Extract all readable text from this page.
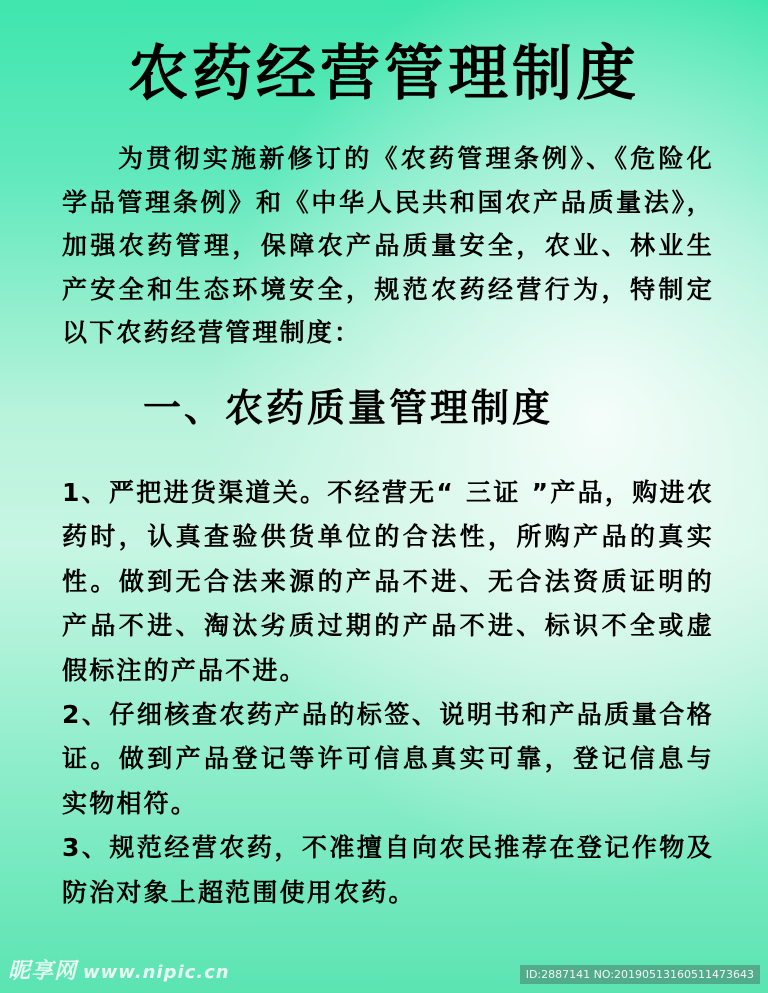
农药经营管理制度

为贯彻实施新修订的《农药管理条例》、《危险化学品管理条例》和《中华人民共和国农产品质量法》，加强农药管理，保障农产品质量安全，农业、林业生产安全和生态环境安全，规范农药经营行为，特制定以下农药经营管理制度：

一、农药质量管理制度
1、严把进货渠道关。不经营无“ 三证 ”产品，购进农药时，认真查验供货单位的合法性，所购产品的真实性。做到无合法来源的产品不进、无合法资质证明的产品不进、淘汰劣质过期的产品不进、标识不全或虚假标注的产品不进。
2、仔细核查农药产品的标签、说明书和产品质量合格证。做到产品登记等许可信息真实可靠，登记信息与实物相符。
3、规范经营农药，不准擅自向农民推荐在登记作物及防治对象上超范围使用农药。
昵享网 www.nipic.cn	ID:2887141 NO:20190513160511473643
